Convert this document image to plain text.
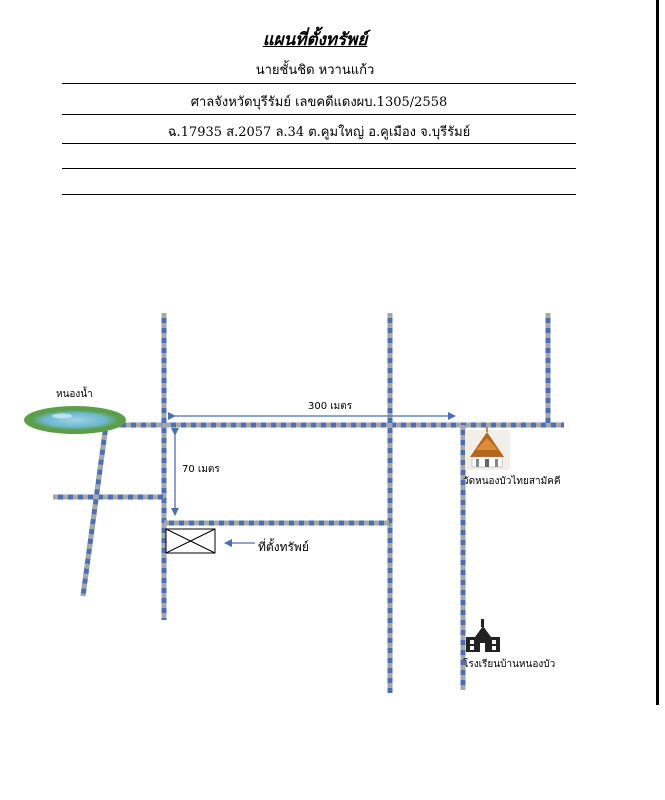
แผนที่ตั้งทรัพย์
นายชั้นชิด หวานแก้ว
ศาลจังหวัดบุรีรัมย์ เลขคดีแดงผบ.1305/2558
ฉ.17935 ส.2057 ล.34 ต.คูมใหญ่ อ.คูเมือง จ.บุรีรัมย์
หนองน้ำ
300 เมตร
70 เมตร
ที่ตั้งทรัพย์
วัดหนองบัวไทยสามัคคี
โรงเรียนบ้านหนองบัว
